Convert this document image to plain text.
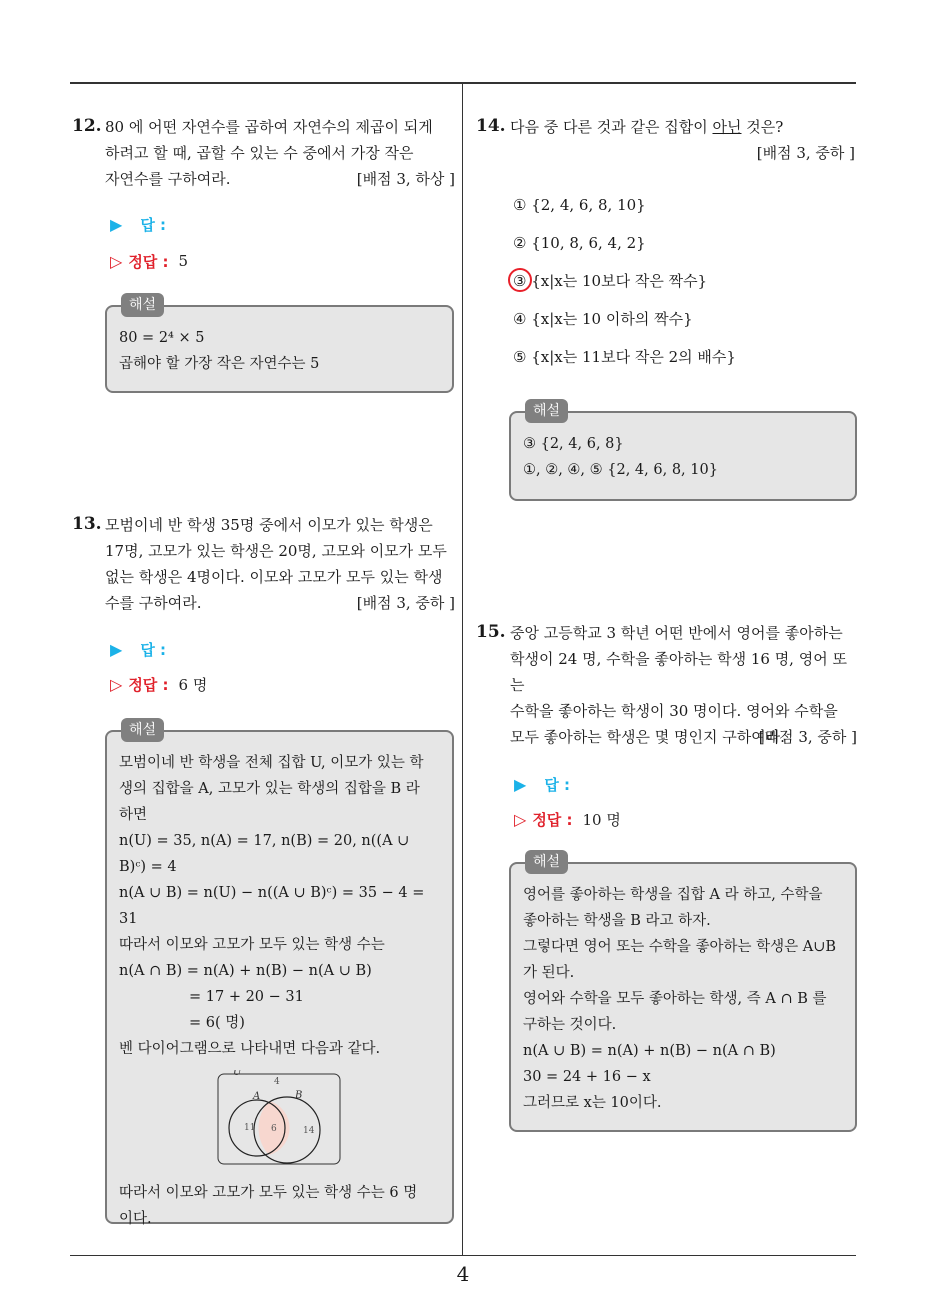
12. 80 에 어떤 자연수를 곱하여 자연수의 제곱이 되게
하려고 할 때, 곱할 수 있는 수 중에서 가장 작은
자연수를 구하여라.	[배점 3, 하상 ]
▶ 답 :
▷ 정답 : 5
해설
80 = 2⁴ × 5
곱해야 할 가장 작은 자연수는 5
13. 모범이네 반 학생 35명 중에서 이모가 있는 학생은
17명, 고모가 있는 학생은 20명, 고모와 이모가 모두
없는 학생은 4명이다. 이모와 고모가 모두 있는 학생
수를 구하여라.	[배점 3, 중하 ]
▶ 답 :
▷ 정답 : 6 명
해설
모범이네 반 학생을 전체 집합 U, 이모가 있는 학
생의 집합을 A, 고모가 있는 학생의 집합을 B 라
하면
n(U) = 35, n(A) = 17, n(B) = 20, n((A ∪
B)ᶜ) = 4
n(A ∪ B) = n(U) − n((A ∪ B)ᶜ) = 35 − 4 = 31
따라서 이모와 고모가 모두 있는 학생 수는
n(A ∩ B) = n(A) + n(B) − n(A ∪ B)
= 17 + 20 − 31
= 6( 명)
벤 다이어그램으로 나타내면 다음과 같다.
U
A	B
4
11 6	14
따라서 이모와 고모가 모두 있는 학생 수는 6 명
이다.
14. 다음 중 다른 것과 같은 집합이 아닌 것은?
[배점 3, 중하 ]
① {2, 4, 6, 8, 10}
② {10, 8, 6, 4, 2}
③ {x|x는 10보다 작은 짝수}
④ {x|x는 10 이하의 짝수}
⑤ {x|x는 11보다 작은 2의 배수}
해설
③ {2, 4, 6, 8}
①, ②, ④, ⑤ {2, 4, 6, 8, 10}
15. 중앙 고등학교 3 학년 어떤 반에서 영어를 좋아하는
학생이 24 명, 수학을 좋아하는 학생 16 명, 영어 또는
수학을 좋아하는 학생이 30 명이다. 영어와 수학을
모두 좋아하는 학생은 몇 명인지 구하여라.
[배점 3, 중하 ]
▶ 답 :
▷ 정답 : 10 명
해설
영어를 좋아하는 학생을 집합 A 라 하고, 수학을
좋아하는 학생을 B 라고 하자.
그렇다면 영어 또는 수학을 좋아하는 학생은 A∪B
가 된다.
영어와 수학을 모두 좋아하는 학생, 즉 A ∩ B 를
구하는 것이다.
n(A ∪ B) = n(A) + n(B) − n(A ∩ B)
30 = 24 + 16 − x
그러므로 x는 10이다.
4
